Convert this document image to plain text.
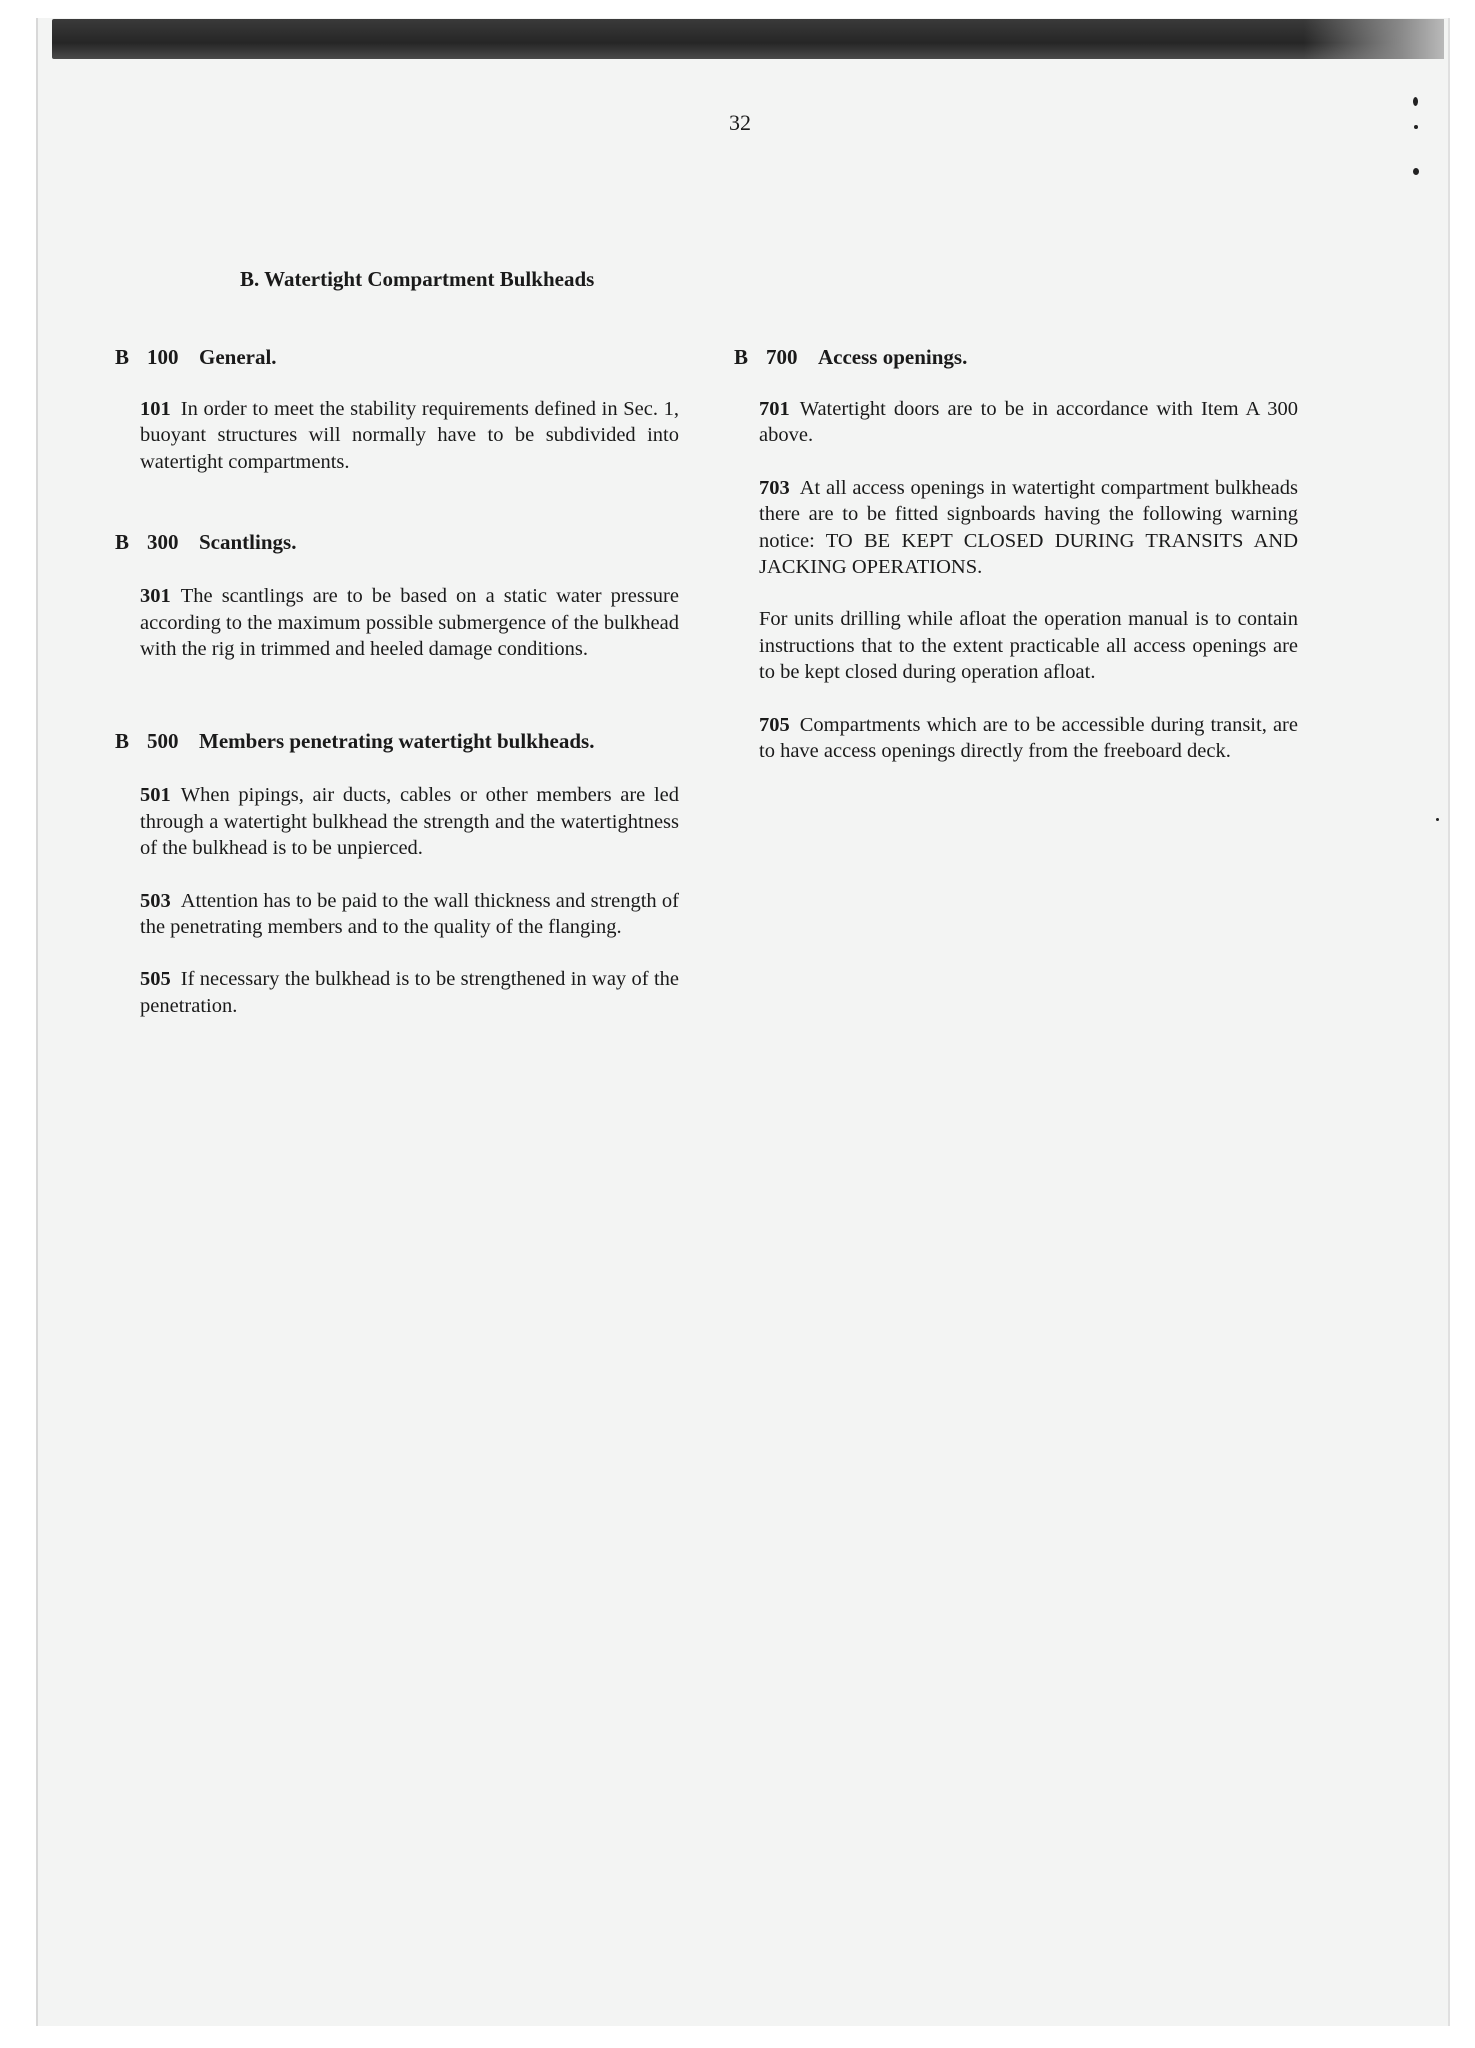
32
B. Watertight Compartment Bulkheads
B 100 General.
101 In order to meet the stability requirements defined in Sec. 1, buoyant structures will normally have to be subdivided into watertight compartments.
B 300 Scantlings.
301 The scantlings are to be based on a static water pressure according to the maximum possible submergence of the bulkhead with the rig in trimmed and heeled damage conditions.
B 500 Members penetrating watertight bulkheads.
501 When pipings, air ducts, cables or other members are led through a watertight bulkhead the strength and the watertightness of the bulkhead is to be unpierced.
503 Attention has to be paid to the wall thickness and strength of the penetrating members and to the quality of the flanging.
505 If necessary the bulkhead is to be strengthened in way of the penetration.
B 700 Access openings.
701 Watertight doors are to be in accordance with Item A 300 above.
703 At all access openings in watertight compartment bulkheads there are to be fitted signboards having the following warning notice: TO BE KEPT CLOSED DURING TRANSITS AND JACKING OPERATIONS.
For units drilling while afloat the operation manual is to contain instructions that to the extent practicable all access openings are to be kept closed during operation afloat.
705 Compartments which are to be accessible during transit, are to have access openings directly from the freeboard deck.
